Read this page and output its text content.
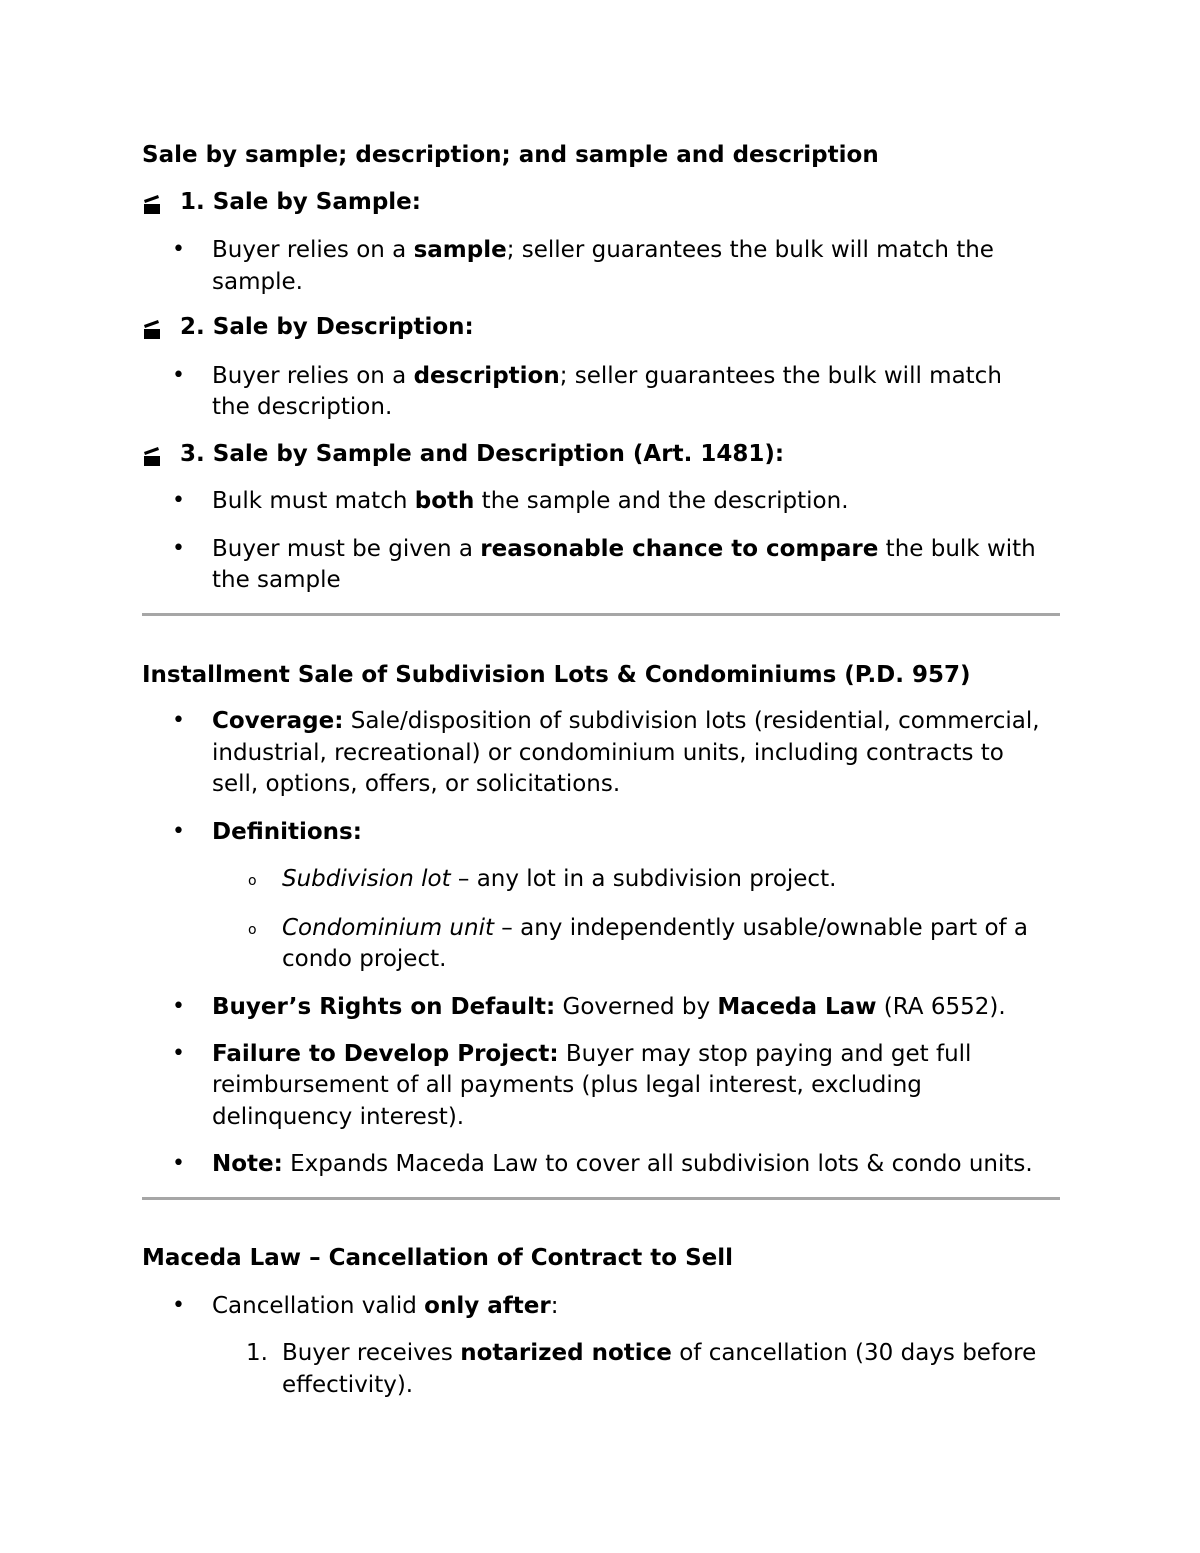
Sale by sample; description; and sample and description
1. Sale by Sample:
• Buyer relies on a sample; seller guarantees the bulk will match the
sample.
2. Sale by Description:
• Buyer relies on a description; seller guarantees the bulk will match
the description.
3. Sale by Sample and Description (Art. 1481):
• Bulk must match both the sample and the description.
• Buyer must be given a reasonable chance to compare the bulk with
the sample
Installment Sale of Subdivision Lots & Condominiums (P.D. 957)
• Coverage: Sale/disposition of subdivision lots (residential, commercial,
industrial, recreational) or condominium units, including contracts to
sell, options, offers, or solicitations.
• Definitions:
o Subdivision lot – any lot in a subdivision project.
o Condominium unit – any independently usable/ownable part of a
condo project.
• Buyer’s Rights on Default: Governed by Maceda Law (RA 6552).
• Failure to Develop Project: Buyer may stop paying and get full
reimbursement of all payments (plus legal interest, excluding
delinquency interest).
• Note: Expands Maceda Law to cover all subdivision lots & condo units.
Maceda Law – Cancellation of Contract to Sell
• Cancellation valid only after:
1. Buyer receives notarized notice of cancellation (30 days before
effectivity).
